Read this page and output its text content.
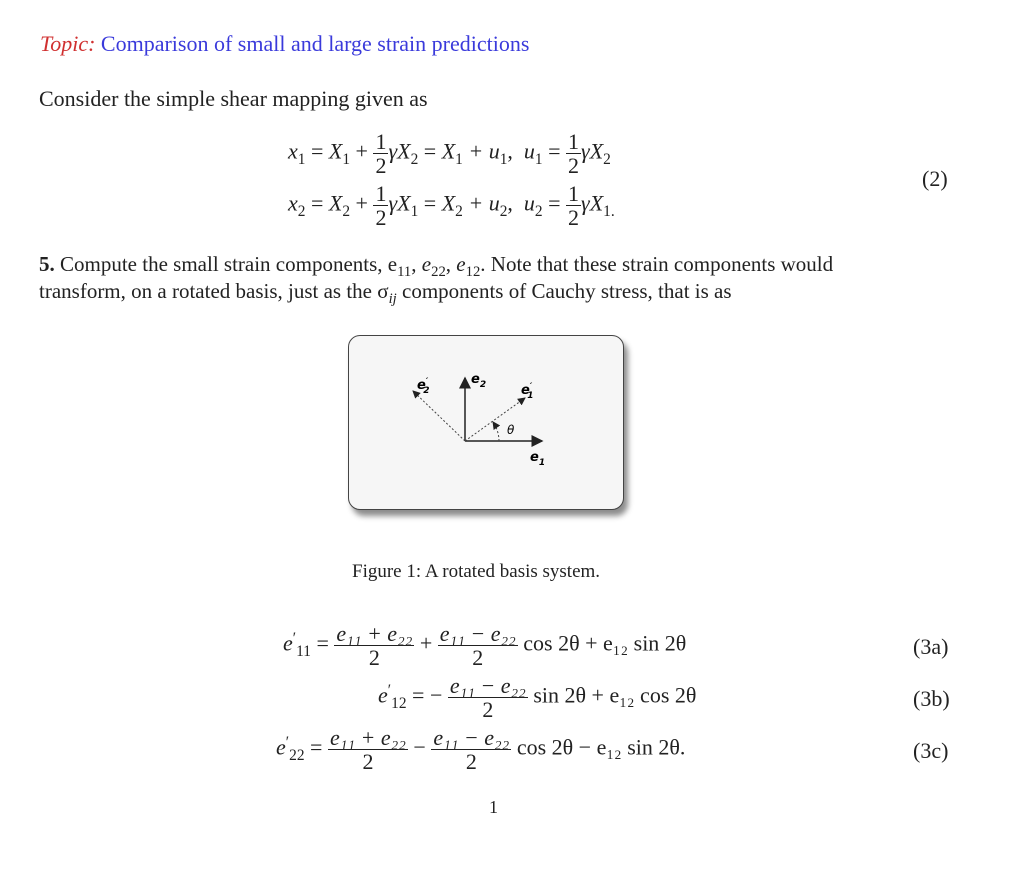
Topic: Comparison of small and large strain predictions
Consider the simple shear mapping given as
$x_1 = X_1 + \frac{1}{2} \gamma X_2 = X_1 + u_1$,  $u_1 = \frac{1}{2} \gamma X_2$
$x_2 = X_2 + \frac{1}{2} \gamma X_1 = X_2 + u_2$,  $u_2 = \frac{1}{2} \gamma X_{1.}$
(2)
5. Compute the small strain components, $e_{11}$, $e_{22}$, $e_{12}$. Note that these strain components would
transform, on a rotated basis, just as the $\sigma_{ij}$ components of Cauchy stress, that is as
e′ 2
$e_2$	e′ 1
$e_1$
θ
Figure 1: A rotated basis system.
$e'_{11} = \frac{\text{e₁₁ + e₂₂}}{2} + \frac{\text{e₁₁ − e₂₂}}{2}$ cos 2θ + e₁₂ sin 2θ	(3a)
$e'_{12}$ = − $\frac{\text{e₁₁ − e₂₂}}{2}$ sin 2θ + e₁₂ cos 2θ	(3b)
$e'_{22} = \frac{\text{e₁₁ + e₂₂}}{2} - \frac{\text{e₁₁ − e₂₂}}{2}$ cos 2θ − e₁₂ sin 2θ.	(3c)
1
